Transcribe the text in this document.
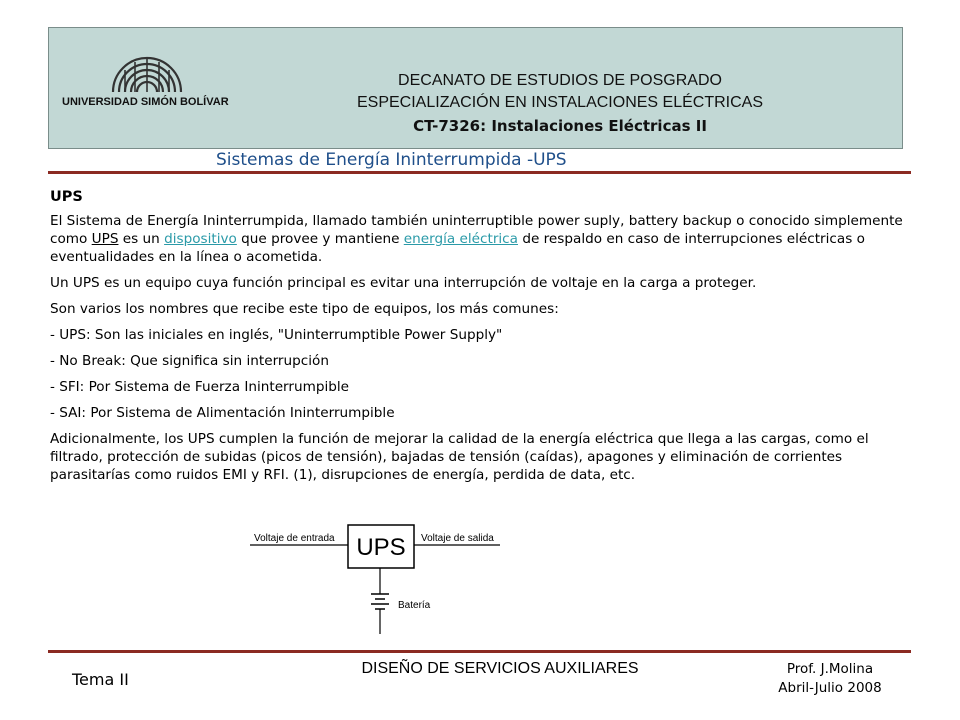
UNIVERSIDAD SIMÓN BOLÍVAR
DECANATO DE ESTUDIOS DE POSGRADO
ESPECIALIZACIÓN EN INSTALACIONES ELÉCTRICAS
CT-7326: Instalaciones Eléctricas II
Sistemas de Energía Ininterrumpida -UPS
UPS

El Sistema de Energía Ininterrumpida, llamado también uninterruptible power suply, battery backup o conocido simplemente como UPS es un dispositivo que provee y mantiene energía eléctrica de respaldo en caso de interrupciones eléctricas o eventualidades en la línea o acometida.

Un UPS es un equipo cuya función principal es evitar una interrupción de voltaje en la carga a proteger.

Son varios los nombres que recibe este tipo de equipos, los más comunes:

- UPS: Son las iniciales en inglés, "Uninterrumptible Power Supply"

- No Break: Que significa sin interrupción

- SFI: Por Sistema de Fuerza Ininterrumpible

- SAI: Por Sistema de Alimentación Ininterrumpible

Adicionalmente, los UPS cumplen la función de mejorar la calidad de la energía eléctrica que llega a las cargas, como el filtrado, protección de subidas (picos de tensión), bajadas de tensión (caídas), apagones y eliminación de corrientes parasitarías como ruidos EMI y RFI. (1), disrupciones de energía, perdida de data, etc.

Voltaje de entrada UPS Voltaje de salida
Batería
Tema II
DISEÑO DE SERVICIOS AUXILIARES	Prof. J.Molina
Abril-Julio 2008
